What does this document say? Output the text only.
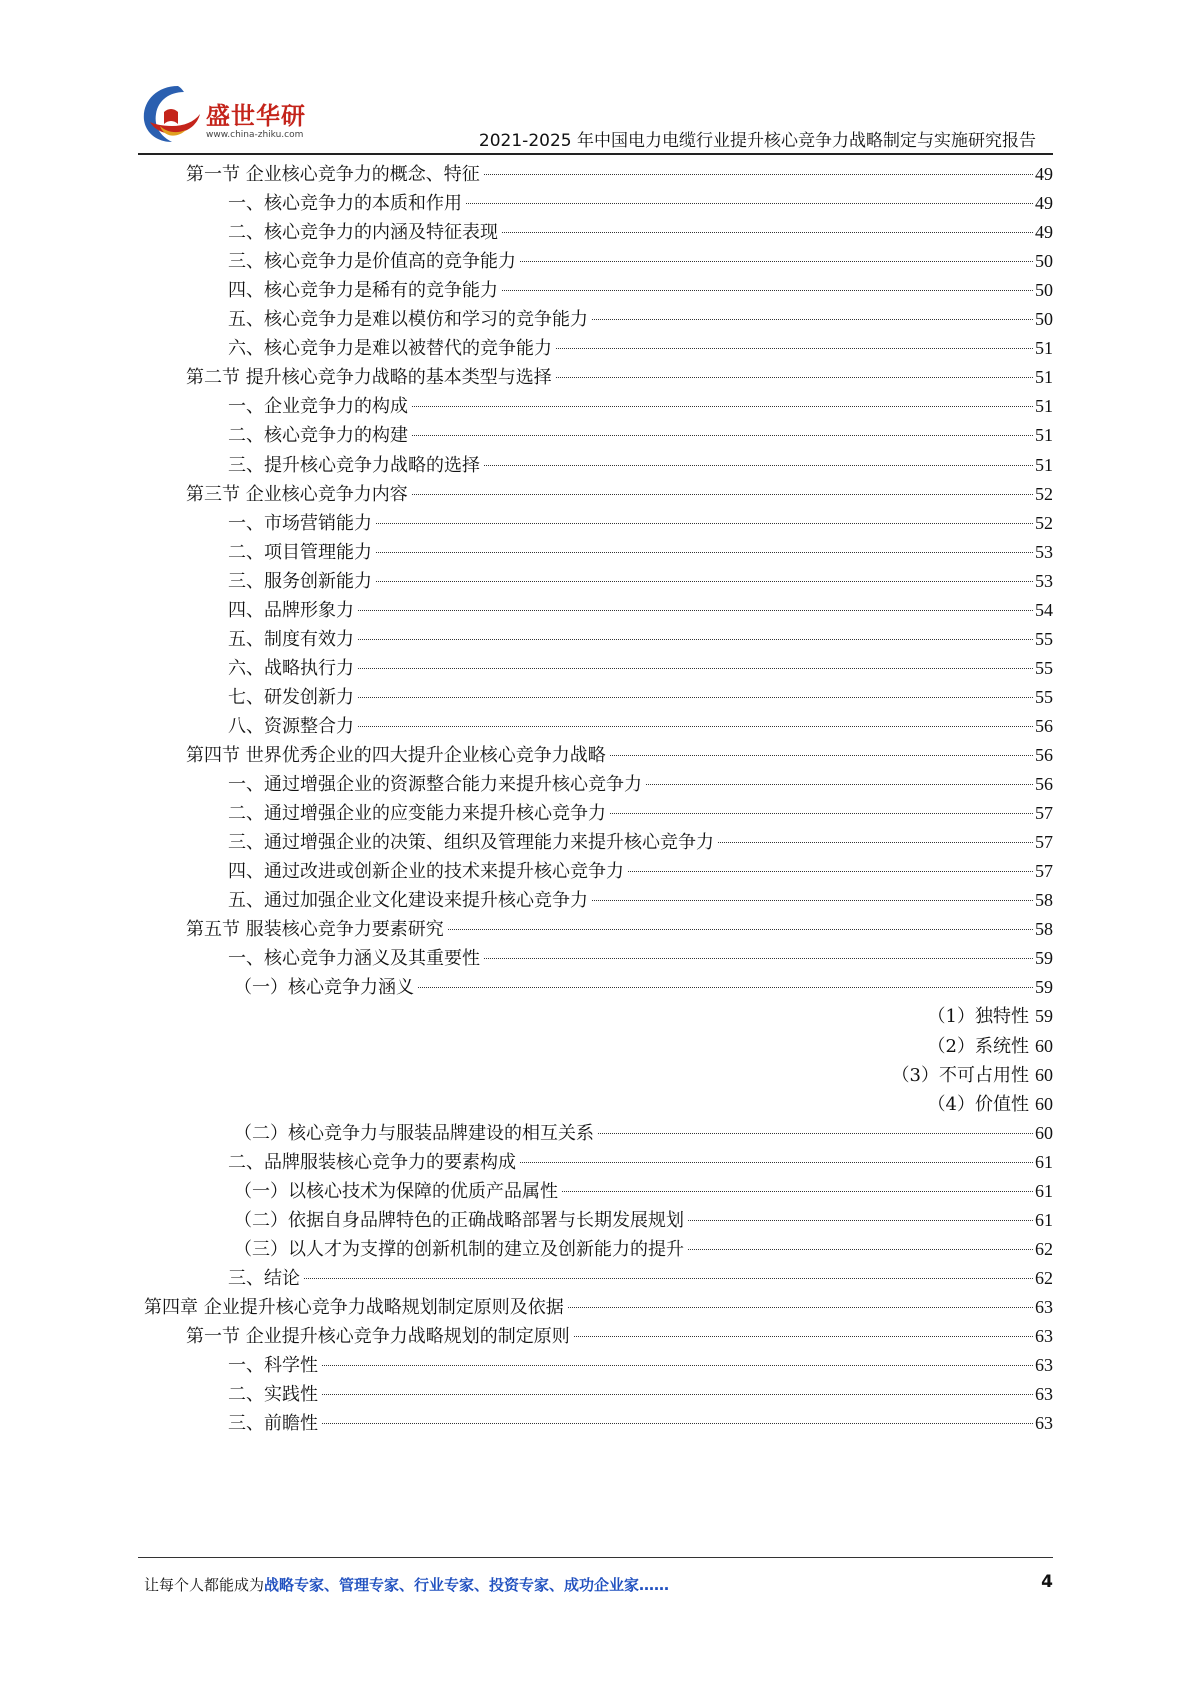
盛世华研
www.china-zhiku.com	2021-2025 年中国电力电缆行业提升核心竞争力战略制定与实施研究报告
第一节 企业核心竞争力的概念、特征	49
一、核心竞争力的本质和作用	49
二、核心竞争力的内涵及特征表现	49
三、核心竞争力是价值高的竞争能力	50
四、核心竞争力是稀有的竞争能力	50
五、核心竞争力是难以模仿和学习的竞争能力	50
六、核心竞争力是难以被替代的竞争能力	51
第二节 提升核心竞争力战略的基本类型与选择	51
一、企业竞争力的构成	51
二、核心竞争力的构建	51
三、提升核心竞争力战略的选择	51
第三节 企业核心竞争力内容	52
一、市场营销能力	52
二、项目管理能力	53
三、服务创新能力	53
四、品牌形象力	54
五、制度有效力	55
六、战略执行力	55
七、研发创新力	55
八、资源整合力	56
第四节 世界优秀企业的四大提升企业核心竞争力战略	56
一、通过增强企业的资源整合能力来提升核心竞争力	56
二、通过增强企业的应变能力来提升核心竞争力	57
三、通过增强企业的决策、组织及管理能力来提升核心竞争力	57
四、通过改进或创新企业的技术来提升核心竞争力	57
五、通过加强企业文化建设来提升核心竞争力	58
第五节 服装核心竞争力要素研究	58
一、核心竞争力涵义及其重要性	59
（一）核心竞争力涵义	59
（1）独特性 59
（2）系统性 60
（3）不可占用性 60
（4）价值性 60
（二）核心竞争力与服装品牌建设的相互关系	60
二、品牌服装核心竞争力的要素构成	61
（一）以核心技术为保障的优质产品属性	61
（二）依据自身品牌特色的正确战略部署与长期发展规划	61
（三）以人才为支撑的创新机制的建立及创新能力的提升	62
三、结论	62
第四章 企业提升核心竞争力战略规划制定原则及依据	63
第一节 企业提升核心竞争力战略规划的制定原则	63
一、科学性	63
二、实践性	63
三、前瞻性	63
让每个人都能成为战略专家、管理专家、行业专家、投资专家、成功企业家……	4
